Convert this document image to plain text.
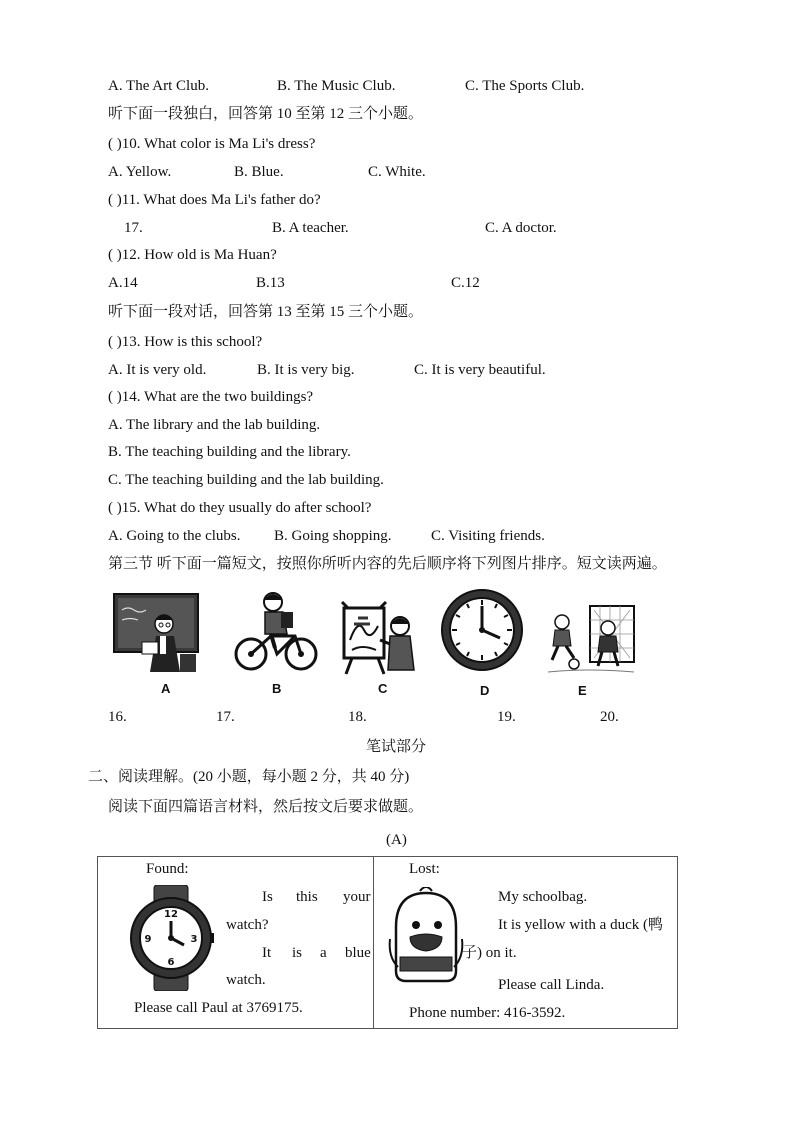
A. The Art Club.	B. The Music Club.	C. The Sports Club.
听下面一段独白，回答第 10 至第 12 三个小题。
( )10. What color is Ma Li's dress?
A. Yellow.	B. Blue.	C. White.
( )11. What does Ma Li's father do?
17.	B. A teacher.	C. A doctor.
( )12. How old is Ma Huan?
A.14	B.13	C.12
听下面一段对话，回答第 13 至第 15 三个小题。
( )13. How is this school?
A. It is very old.	B. It is very big.	C. It is very beautiful.
( )14. What are the two buildings?
A. The library and the lab building.
B. The teaching building and the library.
C. The teaching building and the lab building.
( )15. What do they usually do after school?
A. Going to the clubs. B. Going shopping.	C. Visiting friends.
第三节 听下面一篇短文，按照你所听内容的先后顺序将下列图片排序。短文读两遍。
A	B	C	D	E
16.	17.	18.	19.	20.
笔试部分
二、阅读理解。(20 小题，每小题 2 分，共 40 分)
阅读下面四篇语言材料，然后按文后要求做题。
(A)
Found:
12
3
6
9
Is this your
watch?
It is a blue
watch.
Please call Paul at 3769175.
Lost:
My schoolbag.
It is yellow with a duck (鸭
子) on it.
Please call Linda.
Phone number: 416-3592.
